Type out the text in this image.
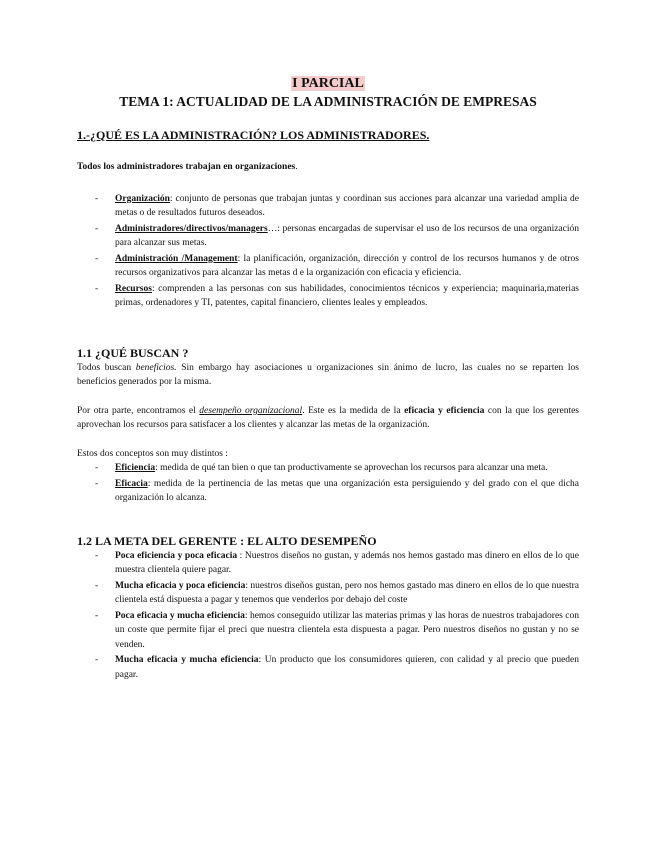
I PARCIAL
TEMA 1: ACTUALIDAD DE LA ADMINISTRACIÓN DE EMPRESAS
1.-¿QUÉ ES LA ADMINISTRACIÓN? LOS ADMINISTRADORES.

Todos los administradores trabajan en organizaciones.

- Organización: conjunto de personas que trabajan juntas y coordinan sus acciones para alcanzar una variedad amplia de metas o de resultados futuros deseados.
- Administradores/directivos/managers…: personas encargadas de supervisar el uso de los recursos de una organización para alcanzar sus metas.
- Administración /Management: la planificación, organización, dirección y control de los recursos humanos y de otros recursos organizativos para alcanzar las metas d e la organización con eficacia y eficiencia.
- Recursos: comprenden a las personas con sus habilidades, conocimientos técnicos y experiencia; maquinaria,materias primas, ordenadores y TI, patentes, capital financiero, clientes leales y empleados.
1.1 ¿QUÉ BUSCAN ?

Todos buscan beneficios. Sin embargo hay asociaciones u organizaciones sin ánimo de lucro, las cuales no se reparten los beneficios generados por la misma.

Por otra parte, encontramos el desempeño organizacional. Este es la medida de la eficacia y eficiencia con la que los gerentes aprovechan los recursos para satisfacer a los clientes y alcanzar las metas de la organización.

Estos dos conceptos son muy distintos :

- Eficiencia: medida de qué tan bien o que tan productivamente se aprovechan los recursos para alcanzar una meta.
- Eficacia: medida de la pertinencia de las metas que una organización esta persiguiendo y del grado con el que dicha organización lo alcanza.
1.2 LA META DEL GERENTE : EL ALTO DESEMPEÑO
- Poca eficiencia y poca eficacia : Nuestros diseños no gustan, y además nos hemos gastado mas dinero en ellos de lo que muestra clientela quiere pagar.
- Mucha eficacia y poca eficiencia: nuestros diseños gustan, pero nos hemos gastado mas dinero en ellos de lo que nuestra clientela está dispuesta a pagar y tenemos que venderlos por debajo del coste
- Poca eficacia y mucha eficiencia: hemos conseguido utilizar las materias primas y las horas de nuestros trabajadores con un coste que permite fijar el preci que nuestra clientela esta dispuesta a pagar. Pero nuestros diseños no gustan y no se venden.
- Mucha eficacia y mucha eficiencia: Un producto que los consumidores quieren, con calidad y al precio que pueden pagar.
